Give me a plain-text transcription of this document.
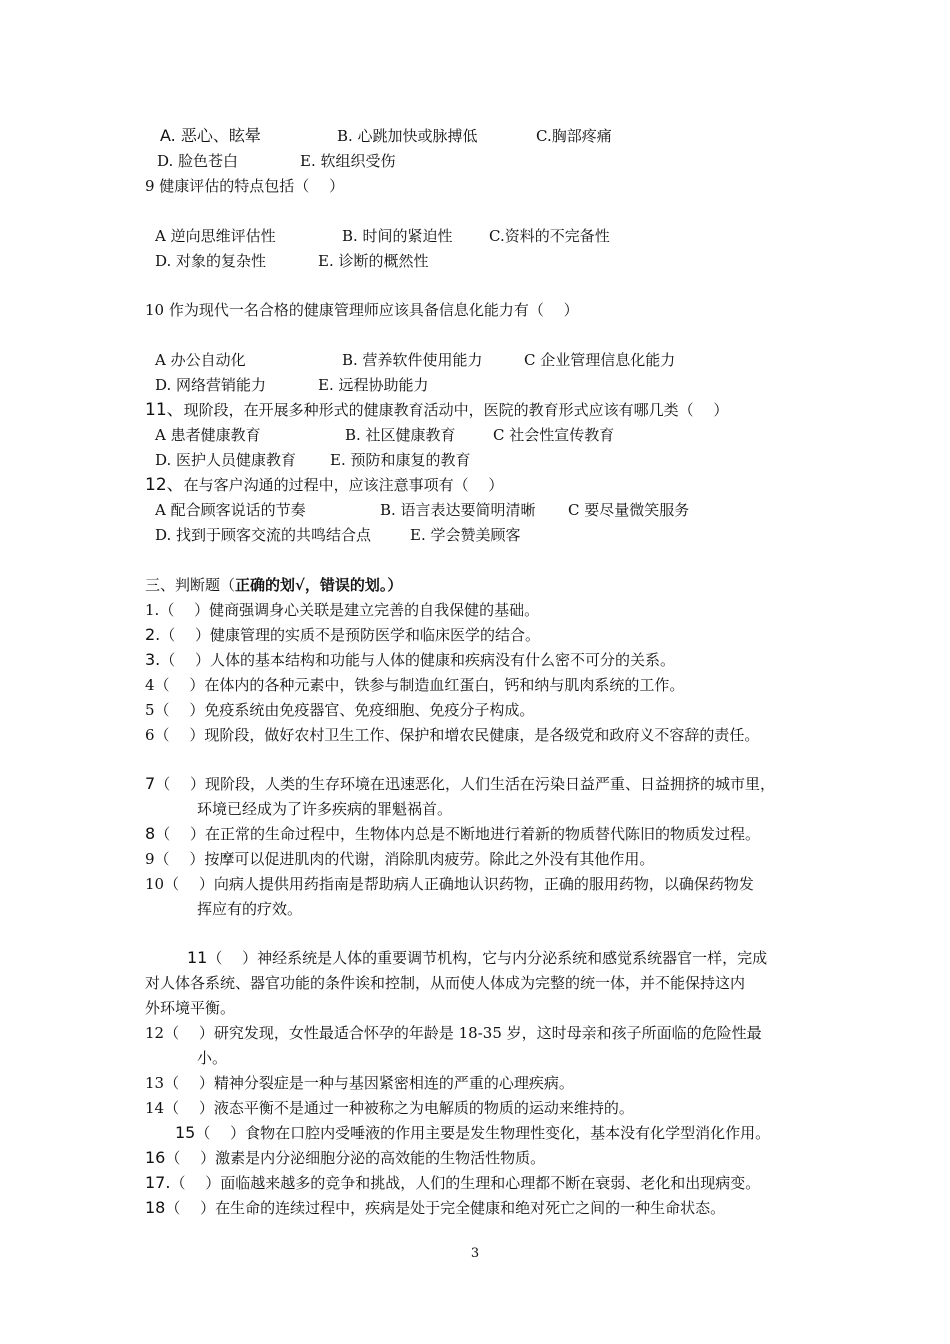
A. 恶心、眩晕	B. 心跳加快或脉搏低	C.胸部疼痛
D. 脸色苍白	E. 软组织受伤
9 健康评估的特点包括（　 ）
A 逆向思维评估性	B. 时间的紧迫性 C.资料的不完备性
D. 对象的复杂性	E. 诊断的概然性
10 作为现代一名合格的健康管理师应该具备信息化能力有（　 ）
A 办公自动化	B. 营养软件使用能力	C 企业管理信息化能力
D. 网络营销能力	E. 远程协助能力
11、现阶段，在开展多种形式的健康教育活动中，医院的教育形式应该有哪几类（　 ）
A 患者健康教育	B. 社区健康教育 C 社会性宣传教育
D. 医护人员健康教育 E. 预防和康复的教育
12、在与客户沟通的过程中，应该注意事项有（　 ）
A 配合顾客说话的节奏	B. 语言表达要简明清晰 C 要尽量微笑服务
D. 找到于顾客交流的共鸣结合点	E. 学会赞美顾客
三、判断题（正确的划√，错误的划。）
1.（　 ）健商强调身心关联是建立完善的自我保健的基础。
2.（　 ）健康管理的实质不是预防医学和临床医学的结合。
3.（　 ）人体的基本结构和功能与人体的健康和疾病没有什么密不可分的关系。
4（　 ）在体内的各种元素中，铁参与制造血红蛋白，钙和纳与肌肉系统的工作。
5（　 ）免疫系统由免疫器官、免疫细胞、免疫分子构成。
6（　 ）现阶段，做好农村卫生工作、保护和增农民健康，是各级党和政府义不容辞的责任。
7（　 ）现阶段，人类的生存环境在迅速恶化，人们生活在污染日益严重、日益拥挤的城市里，
环境已经成为了许多疾病的罪魁祸首。
8（　 ）在正常的生命过程中，生物体内总是不断地进行着新的物质替代陈旧的物质发过程。
9（　 ）按摩可以促进肌肉的代谢，消除肌肉疲劳。除此之外没有其他作用。
10（　 ）向病人提供用药指南是帮助病人正确地认识药物，正确的服用药物，以确保药物发
挥应有的疗效。
11（　 ）神经系统是人体的重要调节机构，它与内分泌系统和感觉系统器官一样，完成
对人体各系统、器官功能的条件诶和控制，从而使人体成为完整的统一体，并不能保持这内
外环境平衡。
12（　 ）研究发现，女性最适合怀孕的年龄是 18-35 岁，这时母亲和孩子所面临的危险性最
小。
13（　 ）精神分裂症是一种与基因紧密相连的严重的心理疾病。
14（　 ）液态平衡不是通过一种被称之为电解质的物质的运动来维持的。
15（　 ）食物在口腔内受唾液的作用主要是发生物理性变化，基本没有化学型消化作用。
16（　 ）激素是内分泌细胞分泌的高效能的生物活性物质。
17.（　 ）面临越来越多的竞争和挑战，人们的生理和心理都不断在衰弱、老化和出现病变。
18（　 ）在生命的连续过程中，疾病是处于完全健康和绝对死亡之间的一种生命状态。
3
